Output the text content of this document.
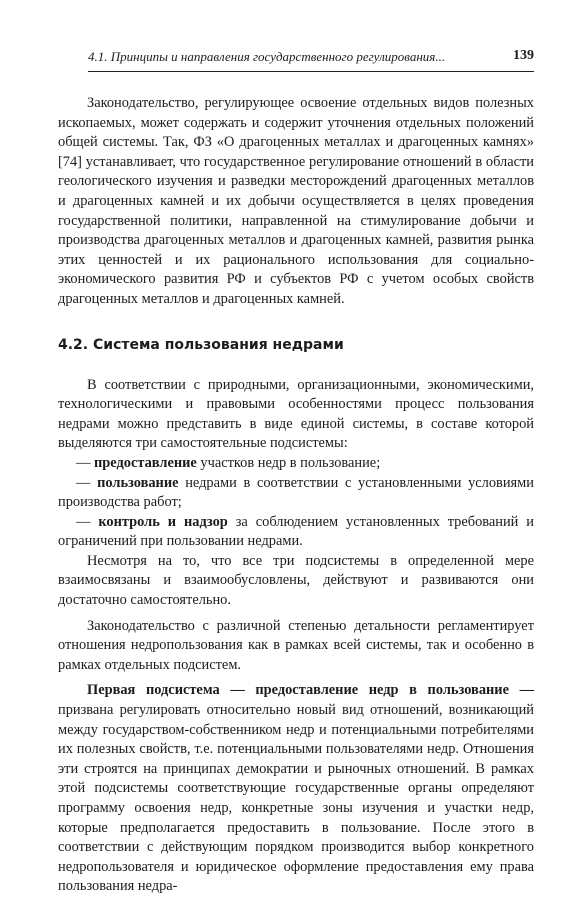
4.1. Принципы и направления государственного регулирования...	139

Законодательство, регулирующее освоение отдельных видов полезных ископаемых, может содержать и содержит уточнения отдельных положений общей системы. Так, ФЗ «О драгоценных металлах и драгоценных камнях» [74] устанавливает, что государственное регулирование отношений в области геологического изучения и разведки месторождений драгоценных металлов и драгоценных камней и их добычи осуществляется в целях проведения государственной политики, направленной на стимулирование добычи и производства драгоценных металлов и драгоценных камней, развития рынка этих ценностей и их рационального использования для социально-экономического развития РФ и субъектов РФ с учетом особых свойств драгоценных металлов и драгоценных камней.

4.2. Система пользования недрами

В соответствии с природными, организационными, экономическими, технологическими и правовыми особенностями процесс пользования недрами можно представить в виде единой системы, в составе которой выделяются три самостоятельные подсистемы:

— предоставление участков недр в пользование;

— пользование недрами в соответствии с установленными условиями производства работ;

— контроль и надзор за соблюдением установленных требований и ограничений при пользовании недрами.

Несмотря на то, что все три подсистемы в определенной мере взаимосвязаны и взаимообусловлены, действуют и развиваются они достаточно самостоятельно.

Законодательство с различной степенью детальности регламентирует отношения недропользования как в рамках всей системы, так и особенно в рамках отдельных подсистем.

Первая подсистема — предоставление недр в пользование — призвана регулировать относительно новый вид отношений, возникающий между государством-собственником недр и потенциальными потребителями их полезных свойств, т.е. потенциальными пользователями недр. Отношения эти строятся на принципах демократии и рыночных отношений. В рамках этой подсистемы соответствующие государственные органы определяют программу освоения недр, конкретные зоны изучения и участки недр, которые предполагается предоставить в пользование. После этого в соответствии с действующим порядком производится выбор конкретного недропользователя и юридическое оформление предоставления ему права пользования недра-
